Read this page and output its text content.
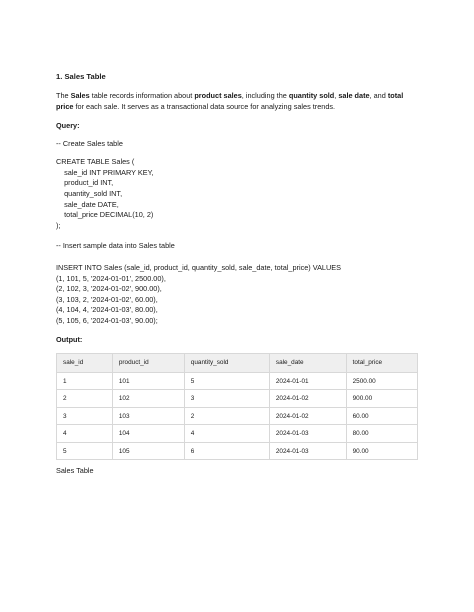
1. Sales Table
The Sales table records information about product sales, including the quantity sold, sale date, and total price for each sale. It serves as a transactional data source for analyzing sales trends.
Query:
-- Create Sales table
CREATE TABLE Sales (
sale_id INT PRIMARY KEY,
product_id INT,
quantity_sold INT,
sale_date DATE,
total_price DECIMAL(10, 2)
);
-- Insert sample data into Sales table
INSERT INTO Sales (sale_id, product_id, quantity_sold, sale_date, total_price) VALUES
(1, 101, 5, '2024-01-01', 2500.00),
(2, 102, 3, '2024-01-02', 900.00),
(3, 103, 2, '2024-01-02', 60.00),
(4, 104, 4, '2024-01-03', 80.00),
(5, 105, 6, '2024-01-03', 90.00);
Output:
sale_id	product_id	quantity_sold	sale_date	total_price
1	101	5	2024-01-01	2500.00
2	102	3	2024-01-02	900.00
3	103	2	2024-01-02	60.00
4	104	4	2024-01-03	80.00
5	105	6	2024-01-03	90.00
Sales Table
